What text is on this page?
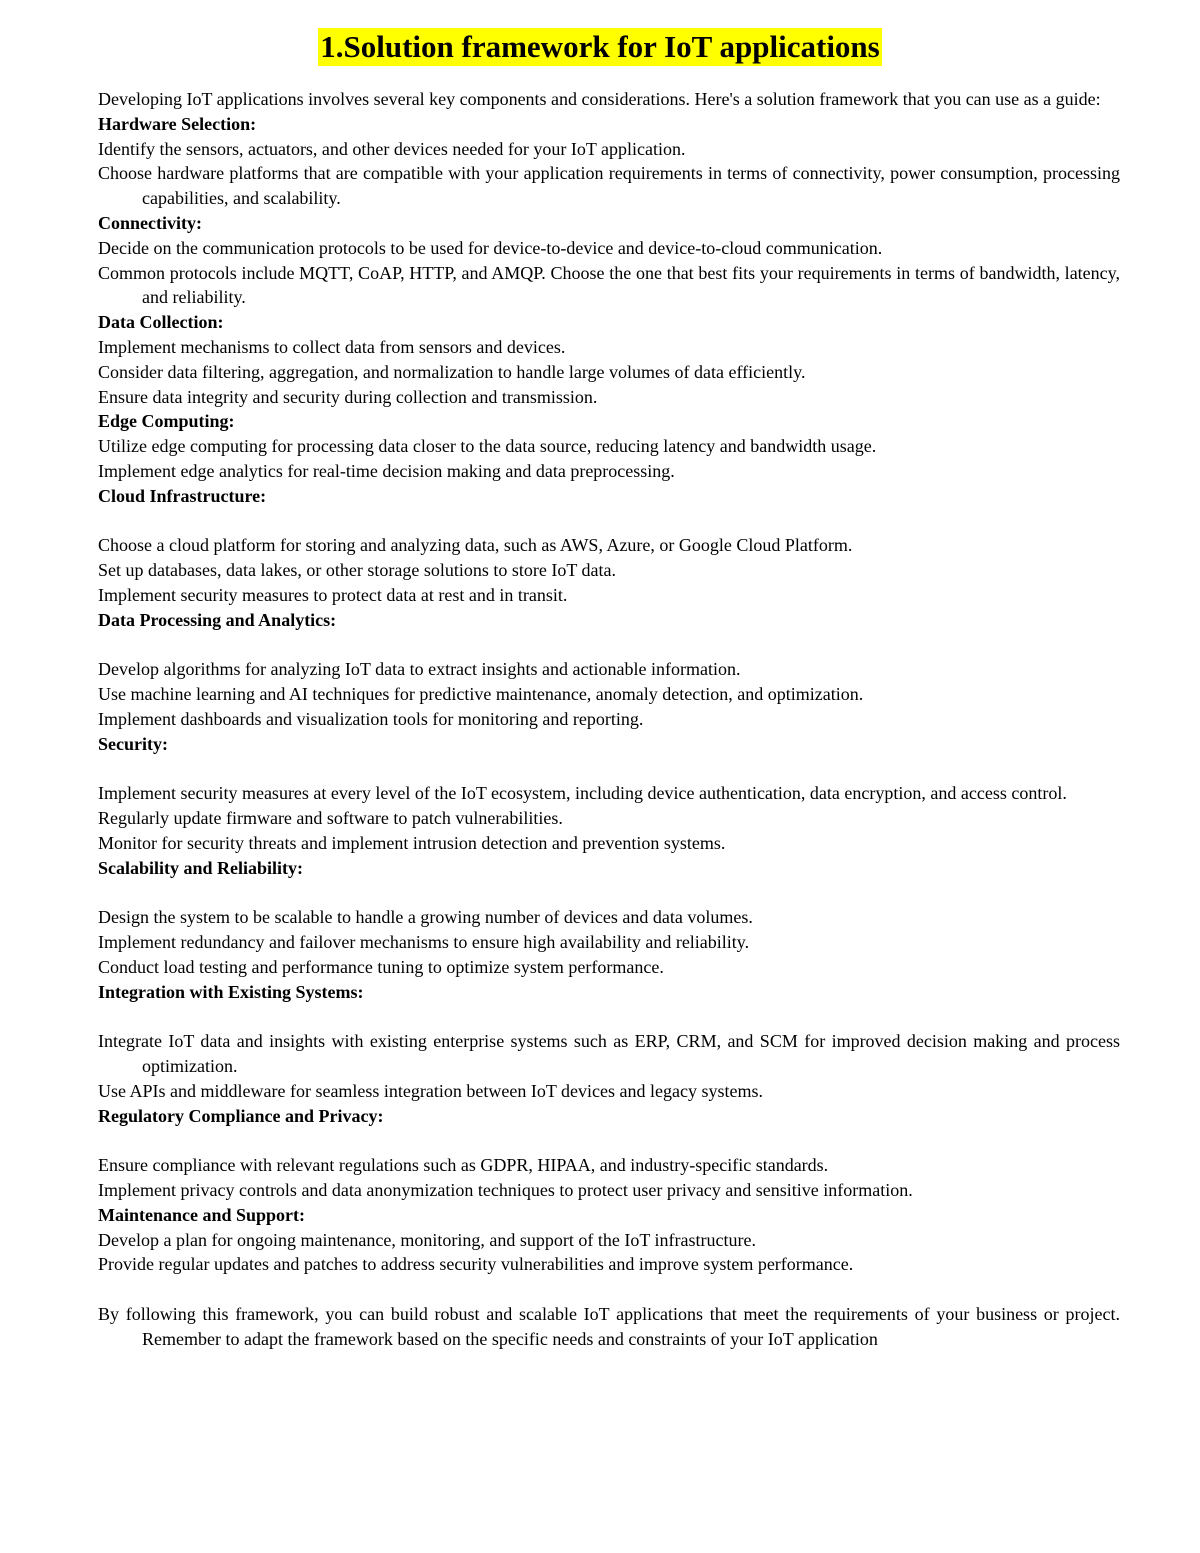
1.Solution framework for IoT applications

Developing IoT applications involves several key components and considerations. Here's a solution framework that you can use as a guide:

Hardware Selection:

Identify the sensors, actuators, and other devices needed for your IoT application.

Choose hardware platforms that are compatible with your application requirements in terms of connectivity, power consumption, processing capabilities, and scalability.

Connectivity:

Decide on the communication protocols to be used for device-to-device and device-to-cloud communication.

Common protocols include MQTT, CoAP, HTTP, and AMQP. Choose the one that best fits your requirements in terms of bandwidth, latency, and reliability.

Data Collection:

Implement mechanisms to collect data from sensors and devices.

Consider data filtering, aggregation, and normalization to handle large volumes of data efficiently.

Ensure data integrity and security during collection and transmission.

Edge Computing:

Utilize edge computing for processing data closer to the data source, reducing latency and bandwidth usage.

Implement edge analytics for real-time decision making and data preprocessing.

Cloud Infrastructure:

Choose a cloud platform for storing and analyzing data, such as AWS, Azure, or Google Cloud Platform.

Set up databases, data lakes, or other storage solutions to store IoT data.

Implement security measures to protect data at rest and in transit.

Data Processing and Analytics:

Develop algorithms for analyzing IoT data to extract insights and actionable information.

Use machine learning and AI techniques for predictive maintenance, anomaly detection, and optimization.

Implement dashboards and visualization tools for monitoring and reporting.

Security:

Implement security measures at every level of the IoT ecosystem, including device authentication, data encryption, and access control.

Regularly update firmware and software to patch vulnerabilities.

Monitor for security threats and implement intrusion detection and prevention systems.

Scalability and Reliability:

Design the system to be scalable to handle a growing number of devices and data volumes.

Implement redundancy and failover mechanisms to ensure high availability and reliability.

Conduct load testing and performance tuning to optimize system performance.

Integration with Existing Systems:

Integrate IoT data and insights with existing enterprise systems such as ERP, CRM, and SCM for improved decision making and process optimization.

Use APIs and middleware for seamless integration between IoT devices and legacy systems.

Regulatory Compliance and Privacy:

Ensure compliance with relevant regulations such as GDPR, HIPAA, and industry-specific standards.

Implement privacy controls and data anonymization techniques to protect user privacy and sensitive information.

Maintenance and Support:

Develop a plan for ongoing maintenance, monitoring, and support of the IoT infrastructure.

Provide regular updates and patches to address security vulnerabilities and improve system performance.

By following this framework, you can build robust and scalable IoT applications that meet the requirements of your business or project. Remember to adapt the framework based on the specific needs and constraints of your IoT application
